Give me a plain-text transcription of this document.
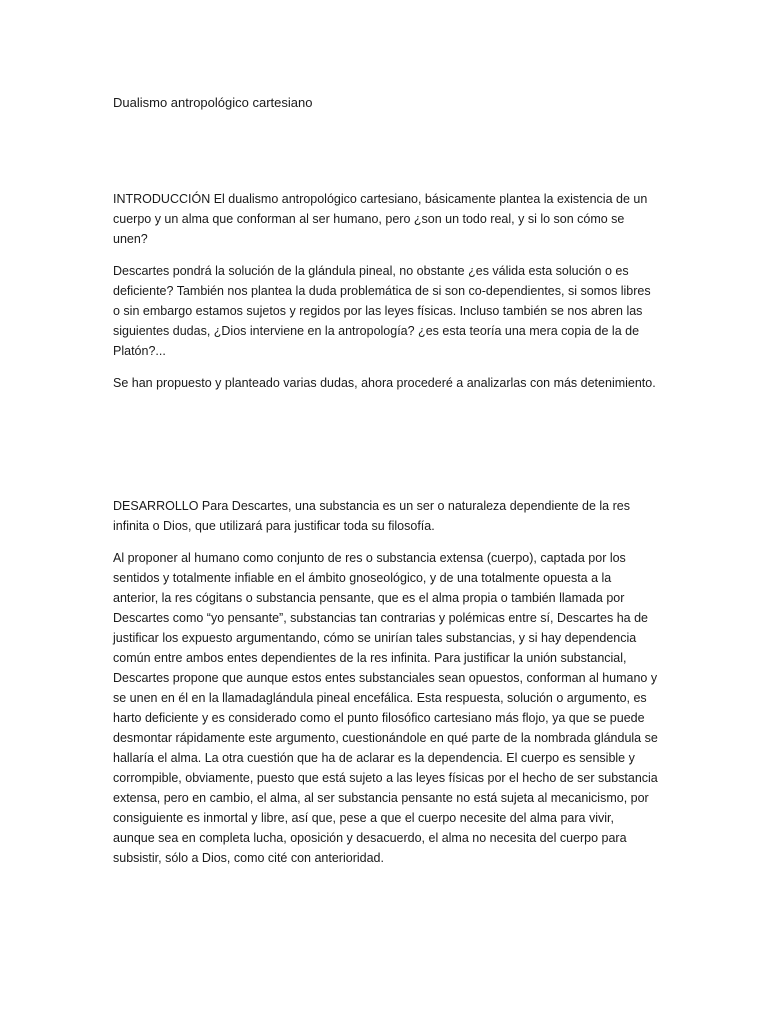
Dualismo antropológico cartesiano

INTRODUCCIÓN El dualismo antropológico cartesiano, básicamente plantea la existencia de un cuerpo y un alma que conforman al ser humano, pero ¿son un todo real, y si lo son cómo se unen?

Descartes pondrá la solución de la glándula pineal, no obstante ¿es válida esta solución o es deficiente? También nos plantea la duda problemática de si son co-dependientes, si somos libres o sin embargo estamos sujetos y regidos por las leyes físicas. Incluso también se nos abren las siguientes dudas, ¿Dios interviene en la antropología? ¿es esta teoría una mera copia de la de Platón?...

Se han propuesto y planteado varias dudas, ahora procederé a analizarlas con más detenimiento.

DESARROLLO Para Descartes, una substancia es un ser o naturaleza dependiente de la res infinita o Dios, que utilizará para justificar toda su filosofía.

Al proponer al humano como conjunto de res o substancia extensa (cuerpo), captada por los sentidos y totalmente infiable en el ámbito gnoseológico, y de una totalmente opuesta a la anterior, la res cógitans o substancia pensante, que es el alma propia o también llamada por Descartes como “yo pensante”, substancias tan contrarias y polémicas entre sí, Descartes ha de justificar los expuesto argumentando, cómo se unirían tales substancias, y si hay dependencia común entre ambos entes dependientes de la res infinita. Para justificar la unión substancial, Descartes propone que aunque estos entes substanciales sean opuestos, conforman al humano y se unen en él en la llamadaglándula pineal encefálica. Esta respuesta, solución o argumento, es harto deficiente y es considerado como el punto filosófico cartesiano más flojo, ya que se puede desmontar rápidamente este argumento, cuestionándole en qué parte de la nombrada glándula se hallaría el alma. La otra cuestión que ha de aclarar es la dependencia. El cuerpo es sensible y corrompible, obviamente, puesto que está sujeto a las leyes físicas por el hecho de ser substancia extensa, pero en cambio, el alma, al ser substancia pensante no está sujeta al mecanicismo, por consiguiente es inmortal y libre, así que, pese a que el cuerpo necesite del alma para vivir, aunque sea en completa lucha, oposición y desacuerdo, el alma no necesita del cuerpo para subsistir, sólo a Dios, como cité con anterioridad.
